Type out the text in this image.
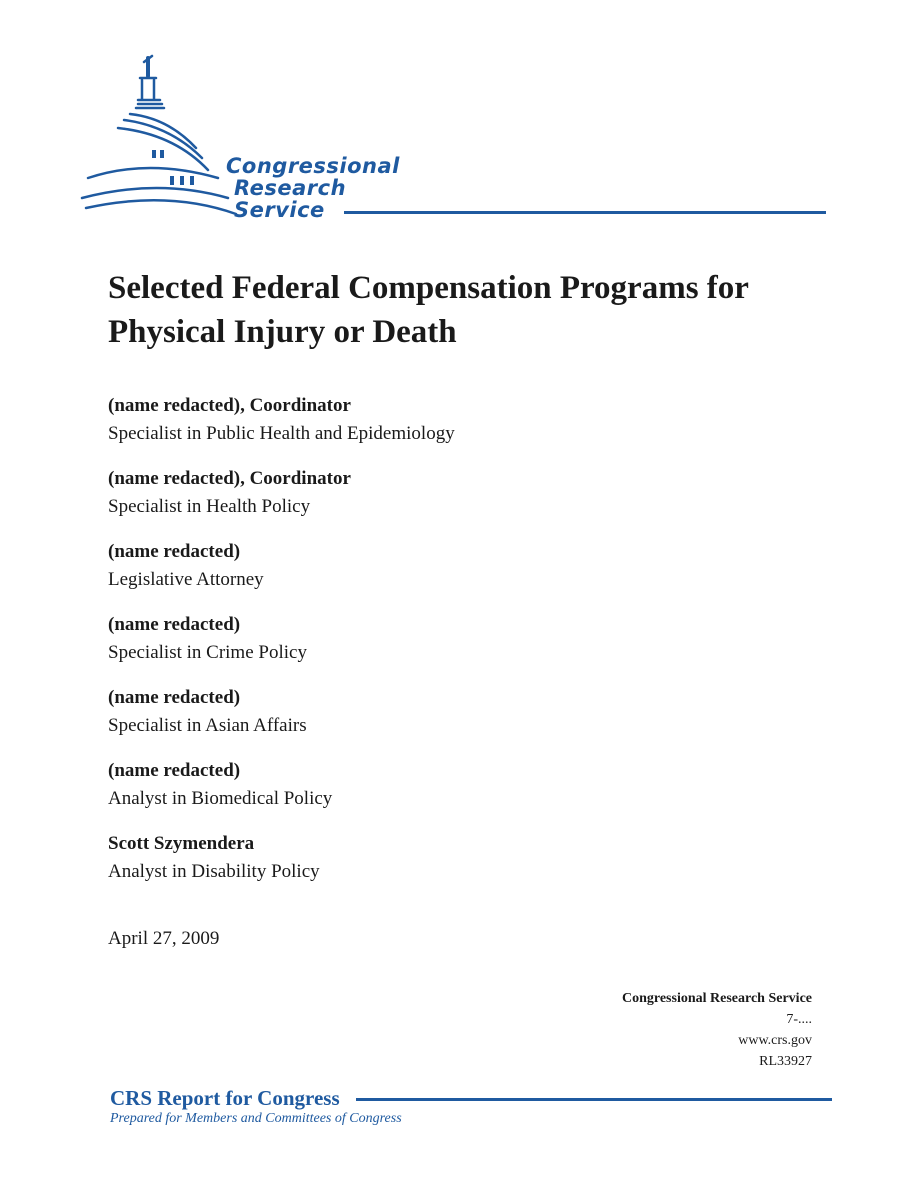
Congressional
Research
Service
Selected Federal Compensation Programs for Physical Injury or Death
(name redacted), Coordinator
Specialist in Public Health and Epidemiology
(name redacted), Coordinator
Specialist in Health Policy
(name redacted)
Legislative Attorney
(name redacted)
Specialist in Crime Policy
(name redacted)
Specialist in Asian Affairs
(name redacted)
Analyst in Biomedical Policy
Scott Szymendera
Analyst in Disability Policy
April 27, 2009
Congressional Research Service
7-....
www.crs.gov
RL33927
CRS Report for Congress
Prepared for Members and Committees of Congress
